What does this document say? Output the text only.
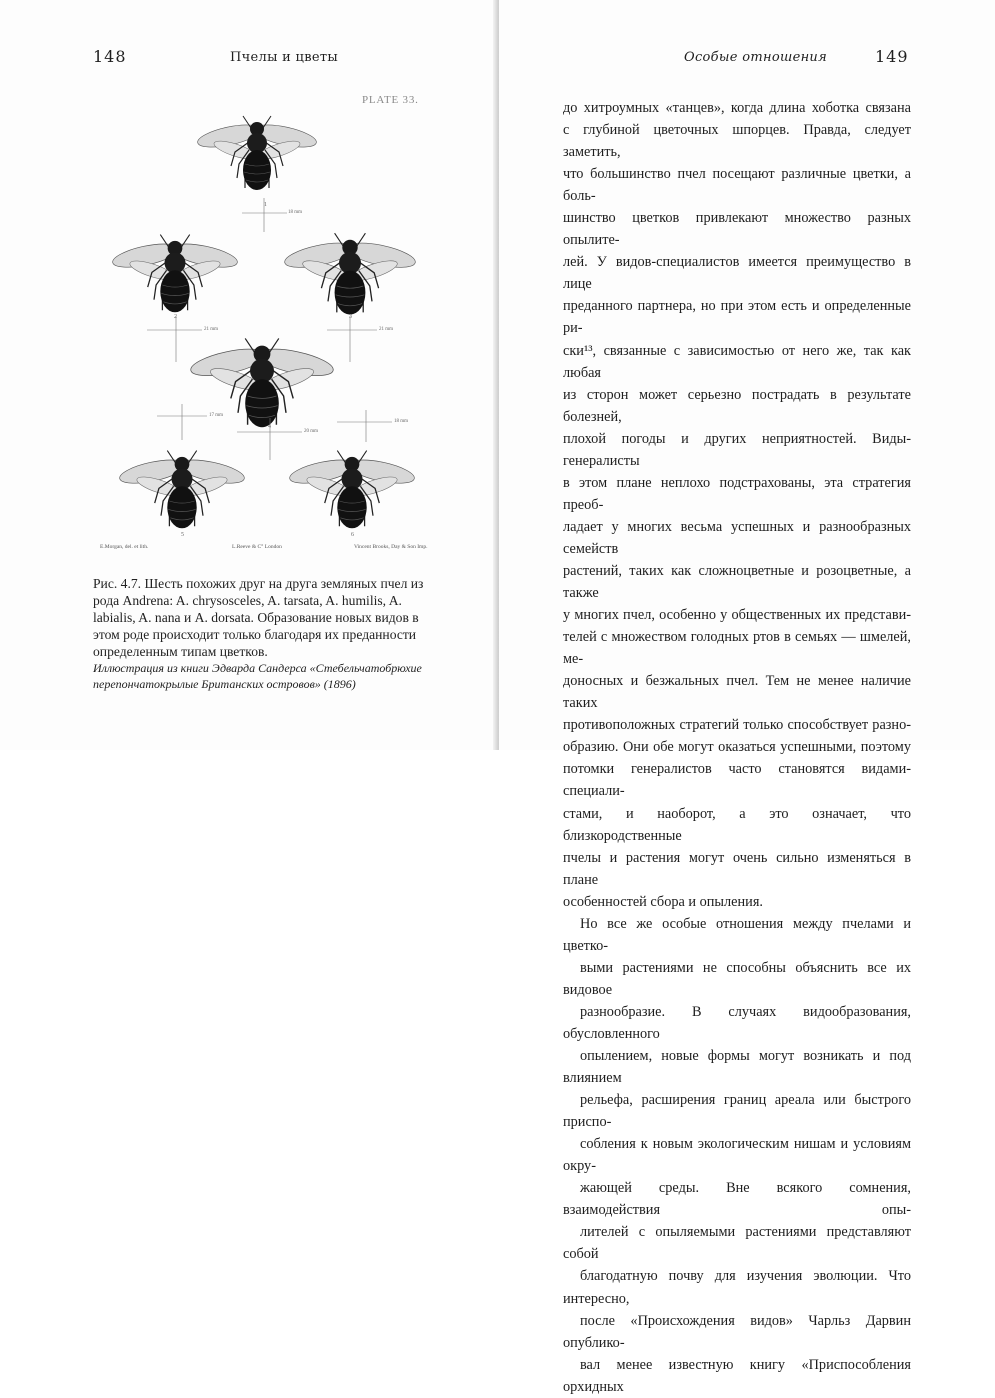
148	Пчелы и цветы
PLATE 33.
18 mm
21 mm	21 mm
17 mm
20 mm
18 mm
1
2	3
4
5	6
E.Morgan, del. et lith.	L.Reeve & C° London	Vincent Brooks, Day & Son Imp.
Рис. 4.7. Шесть похожих друг на друга земляных пчел из рода Andrena: A. chrysosceles, A. tarsata, A. humilis, A. labialis, A. nana и A. dorsata. Образование новых видов в этом роде происходит только благодаря их преданности определенным типам цветков.
Иллюстрация из книги Эдварда Сандерса «Стебельчатобрюхие перепончатокрылые Британских островов» (1896)
Особые отношения	149

до хитроумных «танцев», когда длина хоботка связана
с глубиной цветочных шпорцев. Правда, следует заметить,
что большинство пчел посещают различные цветки, а боль-
шинство цветков привлекают множество разных опылите-
лей. У видов-специалистов имеется преимущество в лице
преданного партнера, но при этом есть и определенные ри-
ски¹³, связанные с зависимостью от него же, так как любая
из сторон может серьезно пострадать в результате болезней,
плохой погоды и других неприятностей. Виды-генералисты
в этом плане неплохо подстрахованы, эта стратегия преоб-
ладает у многих весьма успешных и разнообразных семейств
растений, таких как сложноцветные и розоцветные, а также
у многих пчел, особенно у общественных их представи-
телей с множеством голодных ртов в семьях — шмелей, ме-
доносных и безжальных пчел. Тем не менее наличие таких
противоположных стратегий только способствует разно-
образию. Они обе могут оказаться успешными, поэтому
потомки генералистов часто становятся видами-специали-
стами, и наоборот, а это означает, что близкородственные
пчелы и растения могут очень сильно изменяться в плане
особенностей сбора и опыления.

Но все же особые отношения между пчелами и цветко-
выми растениями не способны объяснить все их видовое
разнообразие. В случаях видообразования, обусловленного
опылением, новые формы могут возникать и под влиянием
рельефа, расширения границ ареала или быстрого приспо-
собления к новым экологическим нишам и условиям окру-
жающей среды. Вне всякого сомнения, взаимодействия опы-
лителей с опыляемыми растениями представляют собой
благодатную почву для изучения эволюции. Что интересно,
после «Происхождения видов» Чарльз Дарвин опублико-
вал менее известную книгу «Приспособления орхидных
